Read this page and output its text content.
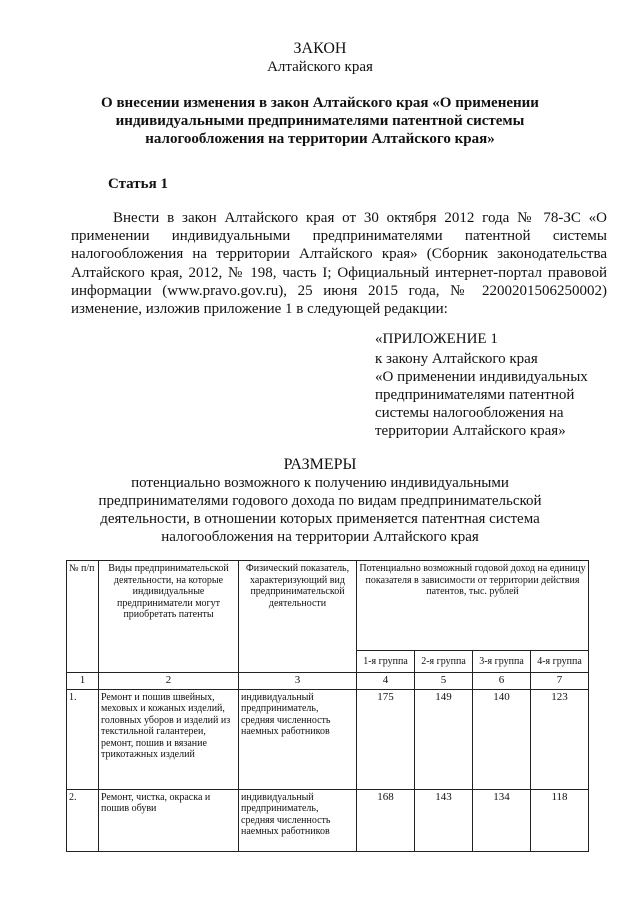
ЗАКОН
Алтайского края
О внесении изменения в закон Алтайского края «О применении
индивидуальными предпринимателями патентной системы
налогообложения на территории Алтайского края»
Статья 1
Внести в закон Алтайского края от 30 октября 2012 года № 78-ЗС «О применении индивидуальными предпринимателями патентной системы налогообложения на территории Алтайского края» (Сборник законодательства Алтайского края, 2012, № 198, часть I; Официальный интернет-портал правовой информации (www.pravo.gov.ru), 25 июня 2015 года, № 2200201506250002) изменение, изложив приложение 1 в следующей редакции:
«ПРИЛОЖЕНИЕ 1
к закону Алтайского края
«О применении индивидуальных
предпринимателями патентной
системы налогообложения на
территории Алтайского края»
РАЗМЕРЫ
потенциально возможного к получению индивидуальными
предпринимателями годового дохода по видам предпринимательской
деятельности, в отношении которых применяется патентная система
налогообложения на территории Алтайского края
№ п/п	Виды предпринимательской деятельности, на которые индивидуальные предприниматели могут приобретать патенты	Физический показатель, характеризующий вид предпринимательской деятельности	Потенциально возможный годовой доход на единицу показателя в зависимости от территории действия патентов, тыс. рублей			
			1-я группа	2-я группа	3-я группа	4-я группа
1	2	3	4	5	6	7
1.	Ремонт и пошив швейных, меховых и кожаных изделий, головных уборов и изделий из текстильной галантереи, ремонт, пошив и вязание трикотажных изделий	индивидуальный предприниматель, средняя численность наемных работников	175	149	140	123
2.	Ремонт, чистка, окраска и пошив обуви	индивидуальный предприниматель, средняя численность наемных работников	168	143	134	118
